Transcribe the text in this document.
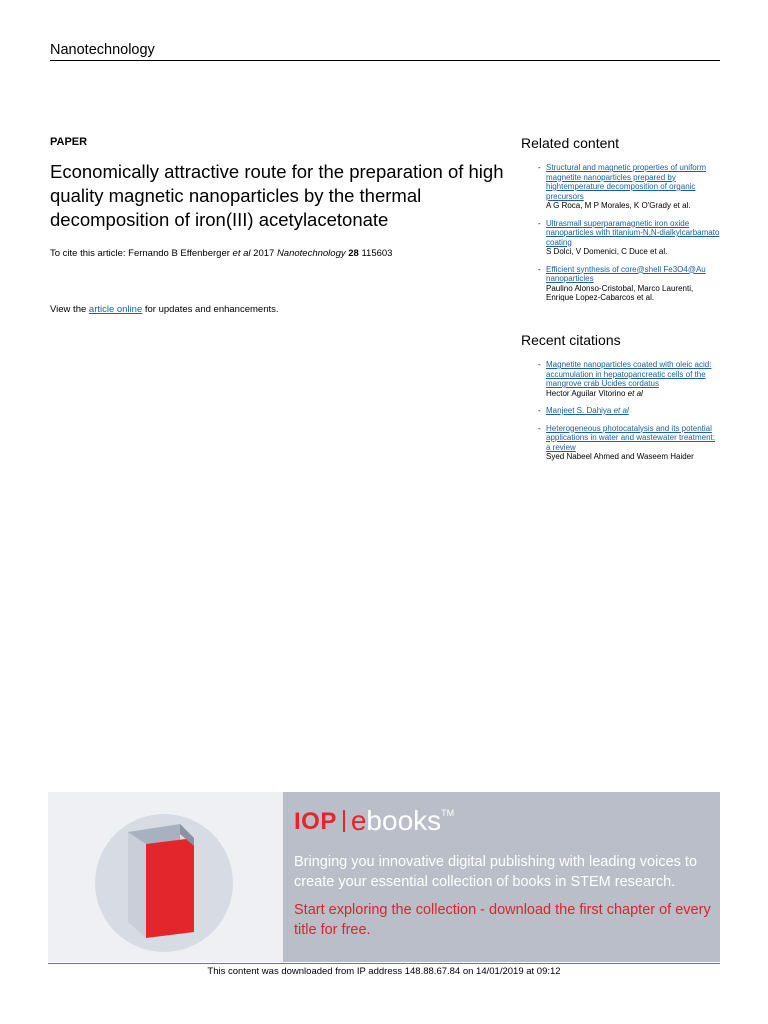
Nanotechnology
PAPER
Economically attractive route for the preparation of high quality magnetic nanoparticles by the thermal decomposition of iron(III) acetylacetonate
To cite this article: Fernando B Effenberger et al 2017 Nanotechnology 28 115603
View the article online for updates and enhancements.
Related content
- Structural and magnetic properties of uniform magnetite nanoparticles prepared by hightemperature decomposition of organic precursors
A G Roca, M P Morales, K O'Grady et al.
- Ultrasmall superparamagnetic iron oxide nanoparticles with titanium-N,N-dialkylcarbamato coating
S Dolci, V Domenici, C Duce et al.
- Efficient synthesis of core@shell Fe3O4@Au nanoparticles
Paulino Alonso-Cristobal, Marco Laurenti, Enrique Lopez-Cabarcos et al.
Recent citations
- Magnetite nanoparticles coated with oleic acid: accumulation in hepatopancreatic cells of the mangrove crab Ucides cordatus
Hector Aguilar Vitorino et al
- Manjeet S. Dahiya et al
- Heterogeneous photocatalysis and its potential applications in water and wastewater treatment: a review
Syed Nabeel Ahmed and Waseem Haider
IOP ebooks TM
Bringing you innovative digital publishing with leading voices to create your essential collection of books in STEM research.
Start exploring the collection - download the first chapter of every title for free.
This content was downloaded from IP address 148.88.67.84 on 14/01/2019 at 09:12
